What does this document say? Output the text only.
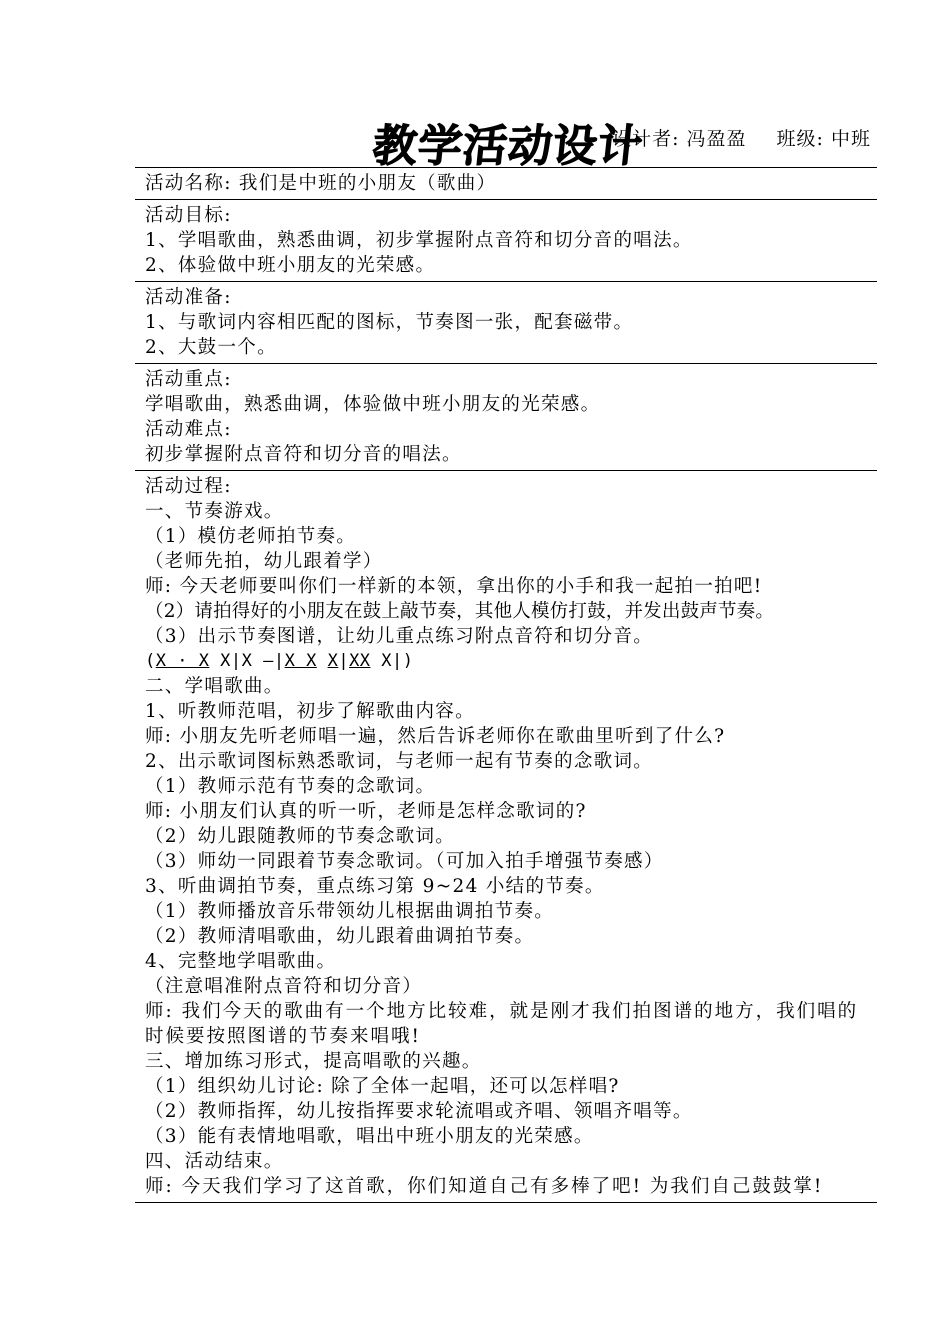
教学活动设计
设计者: 冯盈盈 班级: 中班
活动名称: 我们是中班的小朋友（歌曲）
活动目标:
1、学唱歌曲，熟悉曲调，初步掌握附点音符和切分音的唱法。
2、体验做中班小朋友的光荣感。
活动准备:
1、与歌词内容相匹配的图标，节奏图一张，配套磁带。
2、大鼓一个。
活动重点:
学唱歌曲，熟悉曲调，体验做中班小朋友的光荣感。
活动难点:
初步掌握附点音符和切分音的唱法。
活动过程:
一、节奏游戏。
（1）模仿老师拍节奏。
（老师先拍，幼儿跟着学）
师: 今天老师要叫你们一样新的本领，拿出你的小手和我一起拍一拍吧!
（2）请拍得好的小朋友在鼓上敲节奏，其他人模仿打鼓，并发出鼓声节奏。
（3）出示节奏图谱，让幼儿重点练习附点音符和切分音。
(X · X X|X —|X X X|XX X|)
二、学唱歌曲。
1、听教师范唱，初步了解歌曲内容。
师: 小朋友先听老师唱一遍，然后告诉老师你在歌曲里听到了什么?
2、出示歌词图标熟悉歌词，与老师一起有节奏的念歌词。
（1）教师示范有节奏的念歌词。
师: 小朋友们认真的听一听，老师是怎样念歌词的?
（2）幼儿跟随教师的节奏念歌词。
（3）师幼一同跟着节奏念歌词。（可加入拍手增强节奏感）
3、听曲调拍节奏，重点练习第 9~24 小结的节奏。
（1）教师播放音乐带领幼儿根据曲调拍节奏。
（2）教师清唱歌曲，幼儿跟着曲调拍节奏。
4、完整地学唱歌曲。
（注意唱准附点音符和切分音）
师: 我们今天的歌曲有一个地方比较难，就是刚才我们拍图谱的地方，我们唱的时候要按照图谱的节奏来唱哦!
三、增加练习形式，提高唱歌的兴趣。
（1）组织幼儿讨论: 除了全体一起唱，还可以怎样唱?
（2）教师指挥，幼儿按指挥要求轮流唱或齐唱、领唱齐唱等。
（3）能有表情地唱歌，唱出中班小朋友的光荣感。
四、活动结束。
师: 今天我们学习了这首歌，你们知道自己有多棒了吧! 为我们自己鼓鼓掌!
